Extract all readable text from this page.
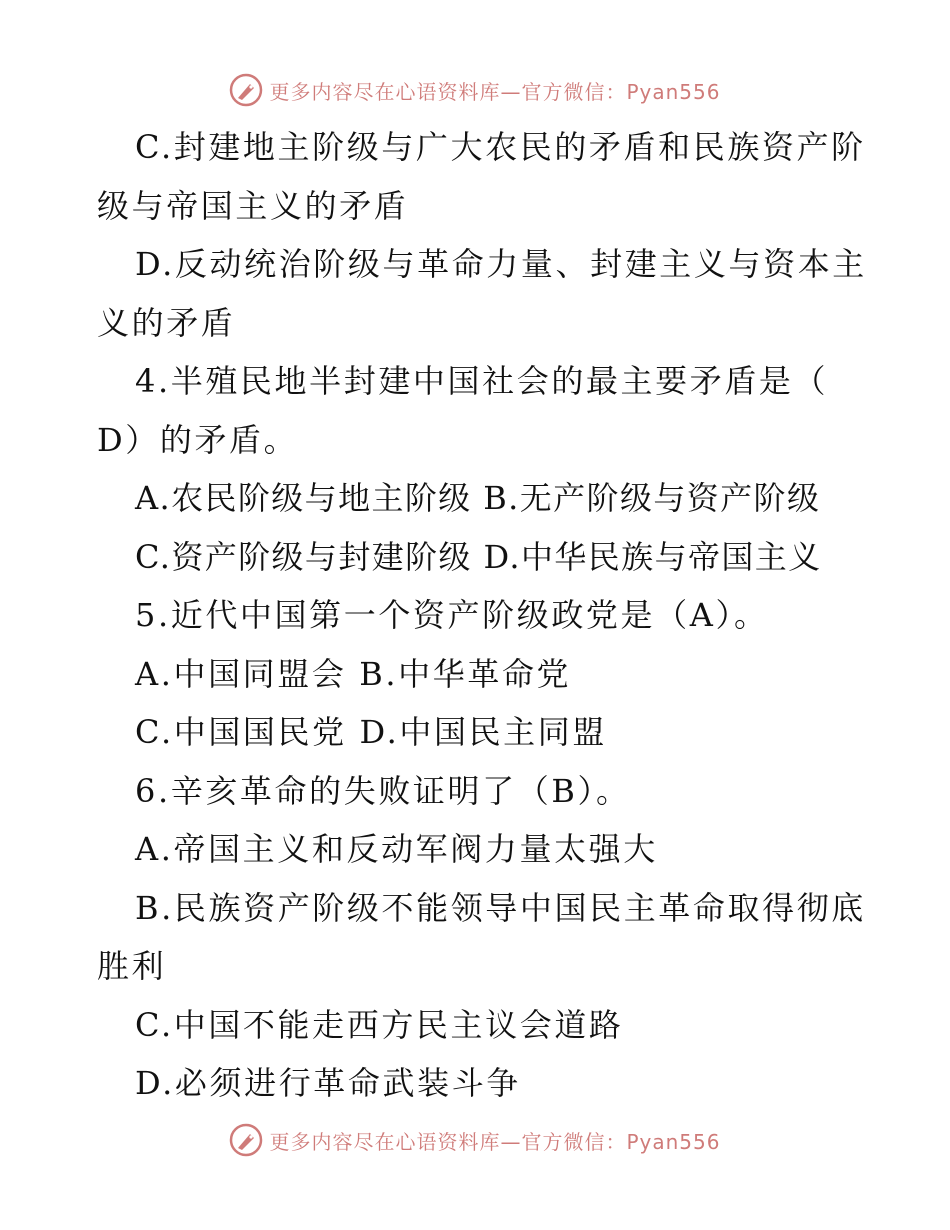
更多内容尽在心语资料库—官方微信：Pyan556
C.封建地主阶级与广大农民的矛盾和民族资产阶
级与帝国主义的矛盾
D.反动统治阶级与革命力量、封建主义与资本主
义的矛盾
4.半殖民地半封建中国社会的最主要矛盾是（
D）的矛盾。
A.农民阶级与地主阶级 B.无产阶级与资产阶级
C.资产阶级与封建阶级 D.中华民族与帝国主义
5.近代中国第一个资产阶级政党是（A）。
A.中国同盟会 B.中华革命党
C.中国国民党 D.中国民主同盟
6.辛亥革命的失败证明了（B）。
A.帝国主义和反动军阀力量太强大
B.民族资产阶级不能领导中国民主革命取得彻底
胜利
C.中国不能走西方民主议会道路
D.必须进行革命武装斗争
更多内容尽在心语资料库—官方微信：Pyan556
